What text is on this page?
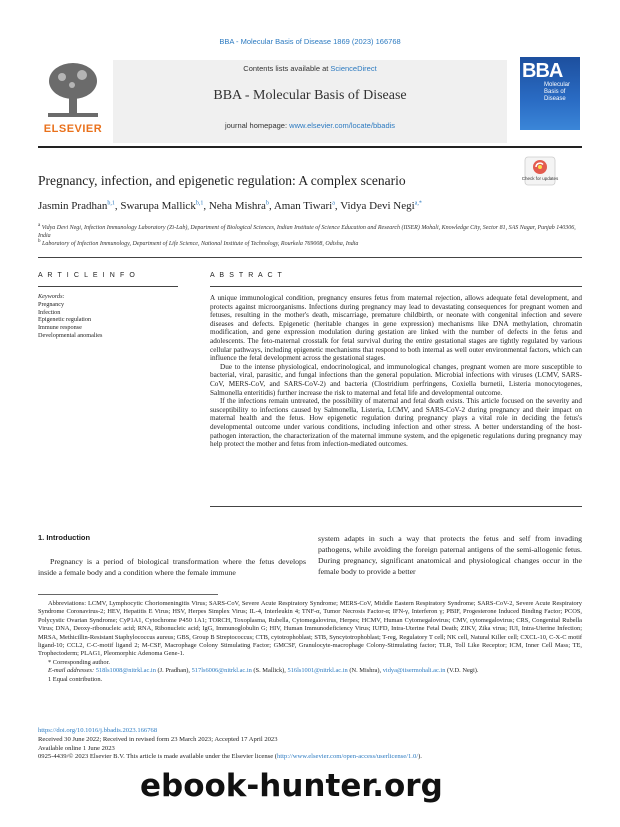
BBA - Molecular Basis of Disease 1869 (2023) 166768
ELSEVIER
Contents lists available at ScienceDirect
BBA - Molecular Basis of Disease
journal homepage: www.elsevier.com/locate/bbadis
BBA
Molecular Basis of Disease
Check for updates
Pregnancy, infection, and epigenetic regulation: A complex scenario
Jasmin Pradhan$^{b,1}$, Swarupa Mallick$^{b,1}$, Neha Mishra$^b$, Aman Tiwari$^a$, Vidya Devi Negi$^{a,*}$
$^a$ Vidya Devi Negi, Infection Immunology Laboratory (Zi-Lab), Department of Biological Sciences, Indian Institute of Science Education and Research (IISER) Mohali, Knowledge City, Sector 81, SAS Nagar, Punjab 140306, India
$^b$ Laboratory of Infection Immunology, Department of Life Science, National Institute of Technology, Rourkela 769008, Odisha, India
A R T I C L E I N F O
Keywords:
Pregnancy
Infection
Epigenetic regulation
Immune response
Developmental anomalies
A B S T R A C T

A unique immunological condition, pregnancy ensures fetus from maternal rejection, allows adequate fetal development, and protects against microorganisms. Infections during pregnancy may lead to devastating consequences for pregnant women and fetuses, resulting in the mother's death, miscarriage, premature childbirth, or neonate with congenital infection and severe diseases and defects. Epigenetic (heritable changes in gene expression) mechanisms like DNA methylation, chromatin modification, and gene expression modulation during gestation are linked with the number of defects in the fetus and adolescents. The feto-maternal crosstalk for fetal survival during the entire gestational stages are tightly regulated by various cellular pathways, including epigenetic mechanisms that respond to both internal as well outer environmental factors, which can influence the fetal development across the gestational stages.

Due to the intense physiological, endocrinological, and immunological changes, pregnant women are more susceptible to bacterial, viral, parasitic, and fungal infections than the general population. Microbial infections with viruses (LCMV, SARS-CoV, MERS-CoV, and SARS-CoV-2) and bacteria (Clostridium perfringens, Coxiella burnetii, Listeria monocytogenes, Salmonella enteritidis) further increase the risk to maternal and fetal life and developmental outcome.

If the infections remain untreated, the possibility of maternal and fetal death exists. This article focused on the severity and susceptibility to infections caused by Salmonella, Listeria, LCMV, and SARS-CoV-2 during pregnancy and their impact on maternal health and the fetus. How epigenetic regulation during pregnancy plays a vital role in deciding the fetus's developmental outcome under various conditions, including infection and other stress. A better understanding of the host-pathogen interaction, the characterization of the maternal immune system, and the epigenetic regulations during pregnancy may help protect the mother and fetus from infection-mediated outcomes.

1. Introduction
Pregnancy is a period of biological transformation where the fetus develops inside a female body and a condition where the female immune
system adapts in such a way that protects the fetus and self from invading pathogens, while avoiding the foreign paternal antigens of the semi-allogenic fetus. During pregnancy, significant anatomical and physiological changes occur in the female body to provide a better

Abbreviations: LCMV, Lymphocytic Choriomeningitis Virus; SARS-CoV, Severe Acute Respiratory Syndrome; MERS-CoV, Middle Eastern Respiratory Syndrome; SARS-CoV-2, Severe Acute Respiratory Syndrome Coronavirus-2; HEV, Hepatitis E Virus; HSV, Herpes Simplex Virus; IL-4, Interleukin 4; TNF-α, Tumor Necrosis Factor-α; IFN-γ, Interferon γ; PBIF, Progesterone Induced Binding Factor; PCOS, Polycystic Ovarian Syndrome; CyP1A1, Cytochrome P450 1A1; TORCH, Toxoplasma, Rubella, Cytomegalovirus, Herpes; HCMV, Human Cytomegalovirus; CMV, cytomegalovirus; CRS, Congenital Rubella Virus; DNA, Deoxy-ribonucleic acid; RNA, Ribonucleic acid; IgG, Immunoglobulin G; HIV, Human Immunodeficiency Virus; IUFD, Intra-Uterine Fetal Death; ZIKV, Zika virus; IUI, Intra-Uterine Infection; MRSA, Methicillin-Resistant Staphylococcus aureus; GBS, Group B Streptococcus; CTB, cytotrophoblast; STB, Syncytotrophoblast; T-reg, Regulatory T cell; NK cell, Natural Killer cell; CXCL-10, C-X-C motif ligand-10; CCL2, C-C-motif ligand 2; M-CSF, Macrophage Colony Stimulating Factor; GMCSF, Granulocyte-macrophage Colony-Stimulating factor; TLR, Toll Like Receptor; ICM, Inner Cell Mass; TE, Trophectoderm; PLAG1, Pleomorphic Adenoma Gene-1.

* Corresponding author.

E-mail addresses: 518ls1008@nitrkl.ac.in (J. Pradhan), 517ls6006@nitrkl.ac.in (S. Mallick), 516ls1001@nitrkl.ac.in (N. Mishra), vidya@iisermohali.ac.in (V.D. Negi).

1 Equal contribution.

https://doi.org/10.1016/j.bbadis.2023.166768
Received 30 June 2022; Received in revised form 23 March 2023; Accepted 17 April 2023
Available online 1 June 2023
0925-4439/© 2023 Elsevier B.V. This article is made available under the Elsevier license (http://www.elsevier.com/open-access/userlicense/1.0/).
ebook-hunter.org
